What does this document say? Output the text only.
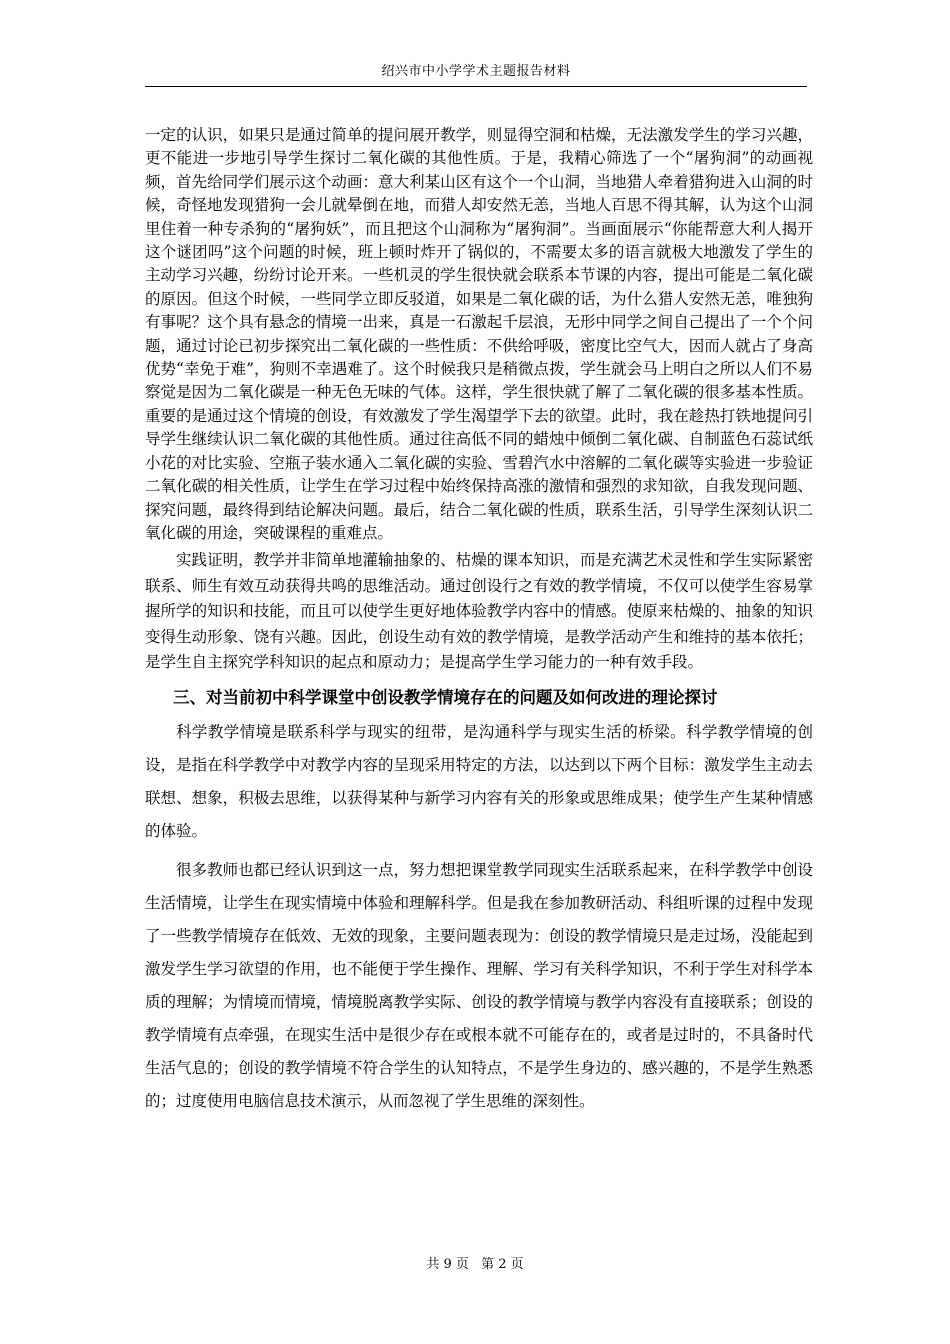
绍兴市中小学学术主题报告材料

一定的认识，如果只是通过简单的提问展开教学，则显得空洞和枯燥，无法激发学生的学习兴趣，更不能进一步地引导学生探讨二氧化碳的其他性质。于是，我精心筛选了一个“屠狗洞”的动画视频，首先给同学们展示这个动画：意大利某山区有这个一个山洞，当地猎人牵着猎狗进入山洞的时候，奇怪地发现猎狗一会儿就晕倒在地，而猎人却安然无恙，当地人百思不得其解，认为这个山洞里住着一种专杀狗的“屠狗妖”，而且把这个山洞称为“屠狗洞”。当画面展示“你能帮意大利人揭开这个谜团吗”这个问题的时候，班上顿时炸开了锅似的，不需要太多的语言就极大地激发了学生的主动学习兴趣，纷纷讨论开来。一些机灵的学生很快就会联系本节课的内容，提出可能是二氧化碳的原因。但这个时候，一些同学立即反驳道，如果是二氧化碳的话，为什么猎人安然无恙，唯独狗有事呢？这个具有悬念的情境一出来，真是一石激起千层浪，无形中同学之间自己提出了一个个问题，通过讨论已初步探究出二氧化碳的一些性质：不供给呼吸，密度比空气大，因而人就占了身高优势“幸免于难”，狗则不幸遇难了。这个时候我只是稍微点拨，学生就会马上明白之所以人们不易察觉是因为二氧化碳是一种无色无味的气体。这样，学生很快就了解了二氧化碳的很多基本性质。重要的是通过这个情境的创设，有效激发了学生渴望学下去的欲望。此时，我在趁热打铁地提问引导学生继续认识二氧化碳的其他性质。通过往高低不同的蜡烛中倾倒二氧化碳、自制蓝色石蕊试纸小花的对比实验、空瓶子装水通入二氧化碳的实验、雪碧汽水中溶解的二氧化碳等实验进一步验证二氧化碳的相关性质，让学生在学习过程中始终保持高涨的激情和强烈的求知欲，自我发现问题、探究问题，最终得到结论解决问题。最后，结合二氧化碳的性质，联系生活，引导学生深刻认识二氧化碳的用途，突破课程的重难点。

实践证明，教学并非简单地灌输抽象的、枯燥的课本知识，而是充满艺术灵性和学生实际紧密联系、师生有效互动获得共鸣的思维活动。通过创设行之有效的教学情境，不仅可以使学生容易掌握所学的知识和技能，而且可以使学生更好地体验教学内容中的情感。使原来枯燥的、抽象的知识变得生动形象、饶有兴趣。因此，创设生动有效的教学情境，是教学活动产生和维持的基本依托；是学生自主探究学科知识的起点和原动力；是提高学生学习能力的一种有效手段。

三、对当前初中科学课堂中创设教学情境存在的问题及如何改进的理论探讨

科学教学情境是联系科学与现实的纽带，是沟通科学与现实生活的桥梁。科学教学情境的创设，是指在科学教学中对教学内容的呈现采用特定的方法，以达到以下两个目标：激发学生主动去联想、想象，积极去思维，以获得某种与新学习内容有关的形象或思维成果；使学生产生某种情感的体验。

很多教师也都已经认识到这一点，努力想把课堂教学同现实生活联系起来，在科学教学中创设生活情境，让学生在现实情境中体验和理解科学。但是我在参加教研活动、科组听课的过程中发现了一些教学情境存在低效、无效的现象，主要问题表现为：创设的教学情境只是走过场，没能起到激发学生学习欲望的作用，也不能便于学生操作、理解、学习有关科学知识，不利于学生对科学本质的理解；为情境而情境，情境脱离教学实际、创设的教学情境与教学内容没有直接联系；创设的教学情境有点牵强，在现实生活中是很少存在或根本就不可能存在的，或者是过时的，不具备时代生活气息的；创设的教学情境不符合学生的认知特点，不是学生身边的、感兴趣的，不是学生熟悉的；过度使用电脑信息技术演示，从而忽视了学生思维的深刻性。

共 9 页 第 2 页
